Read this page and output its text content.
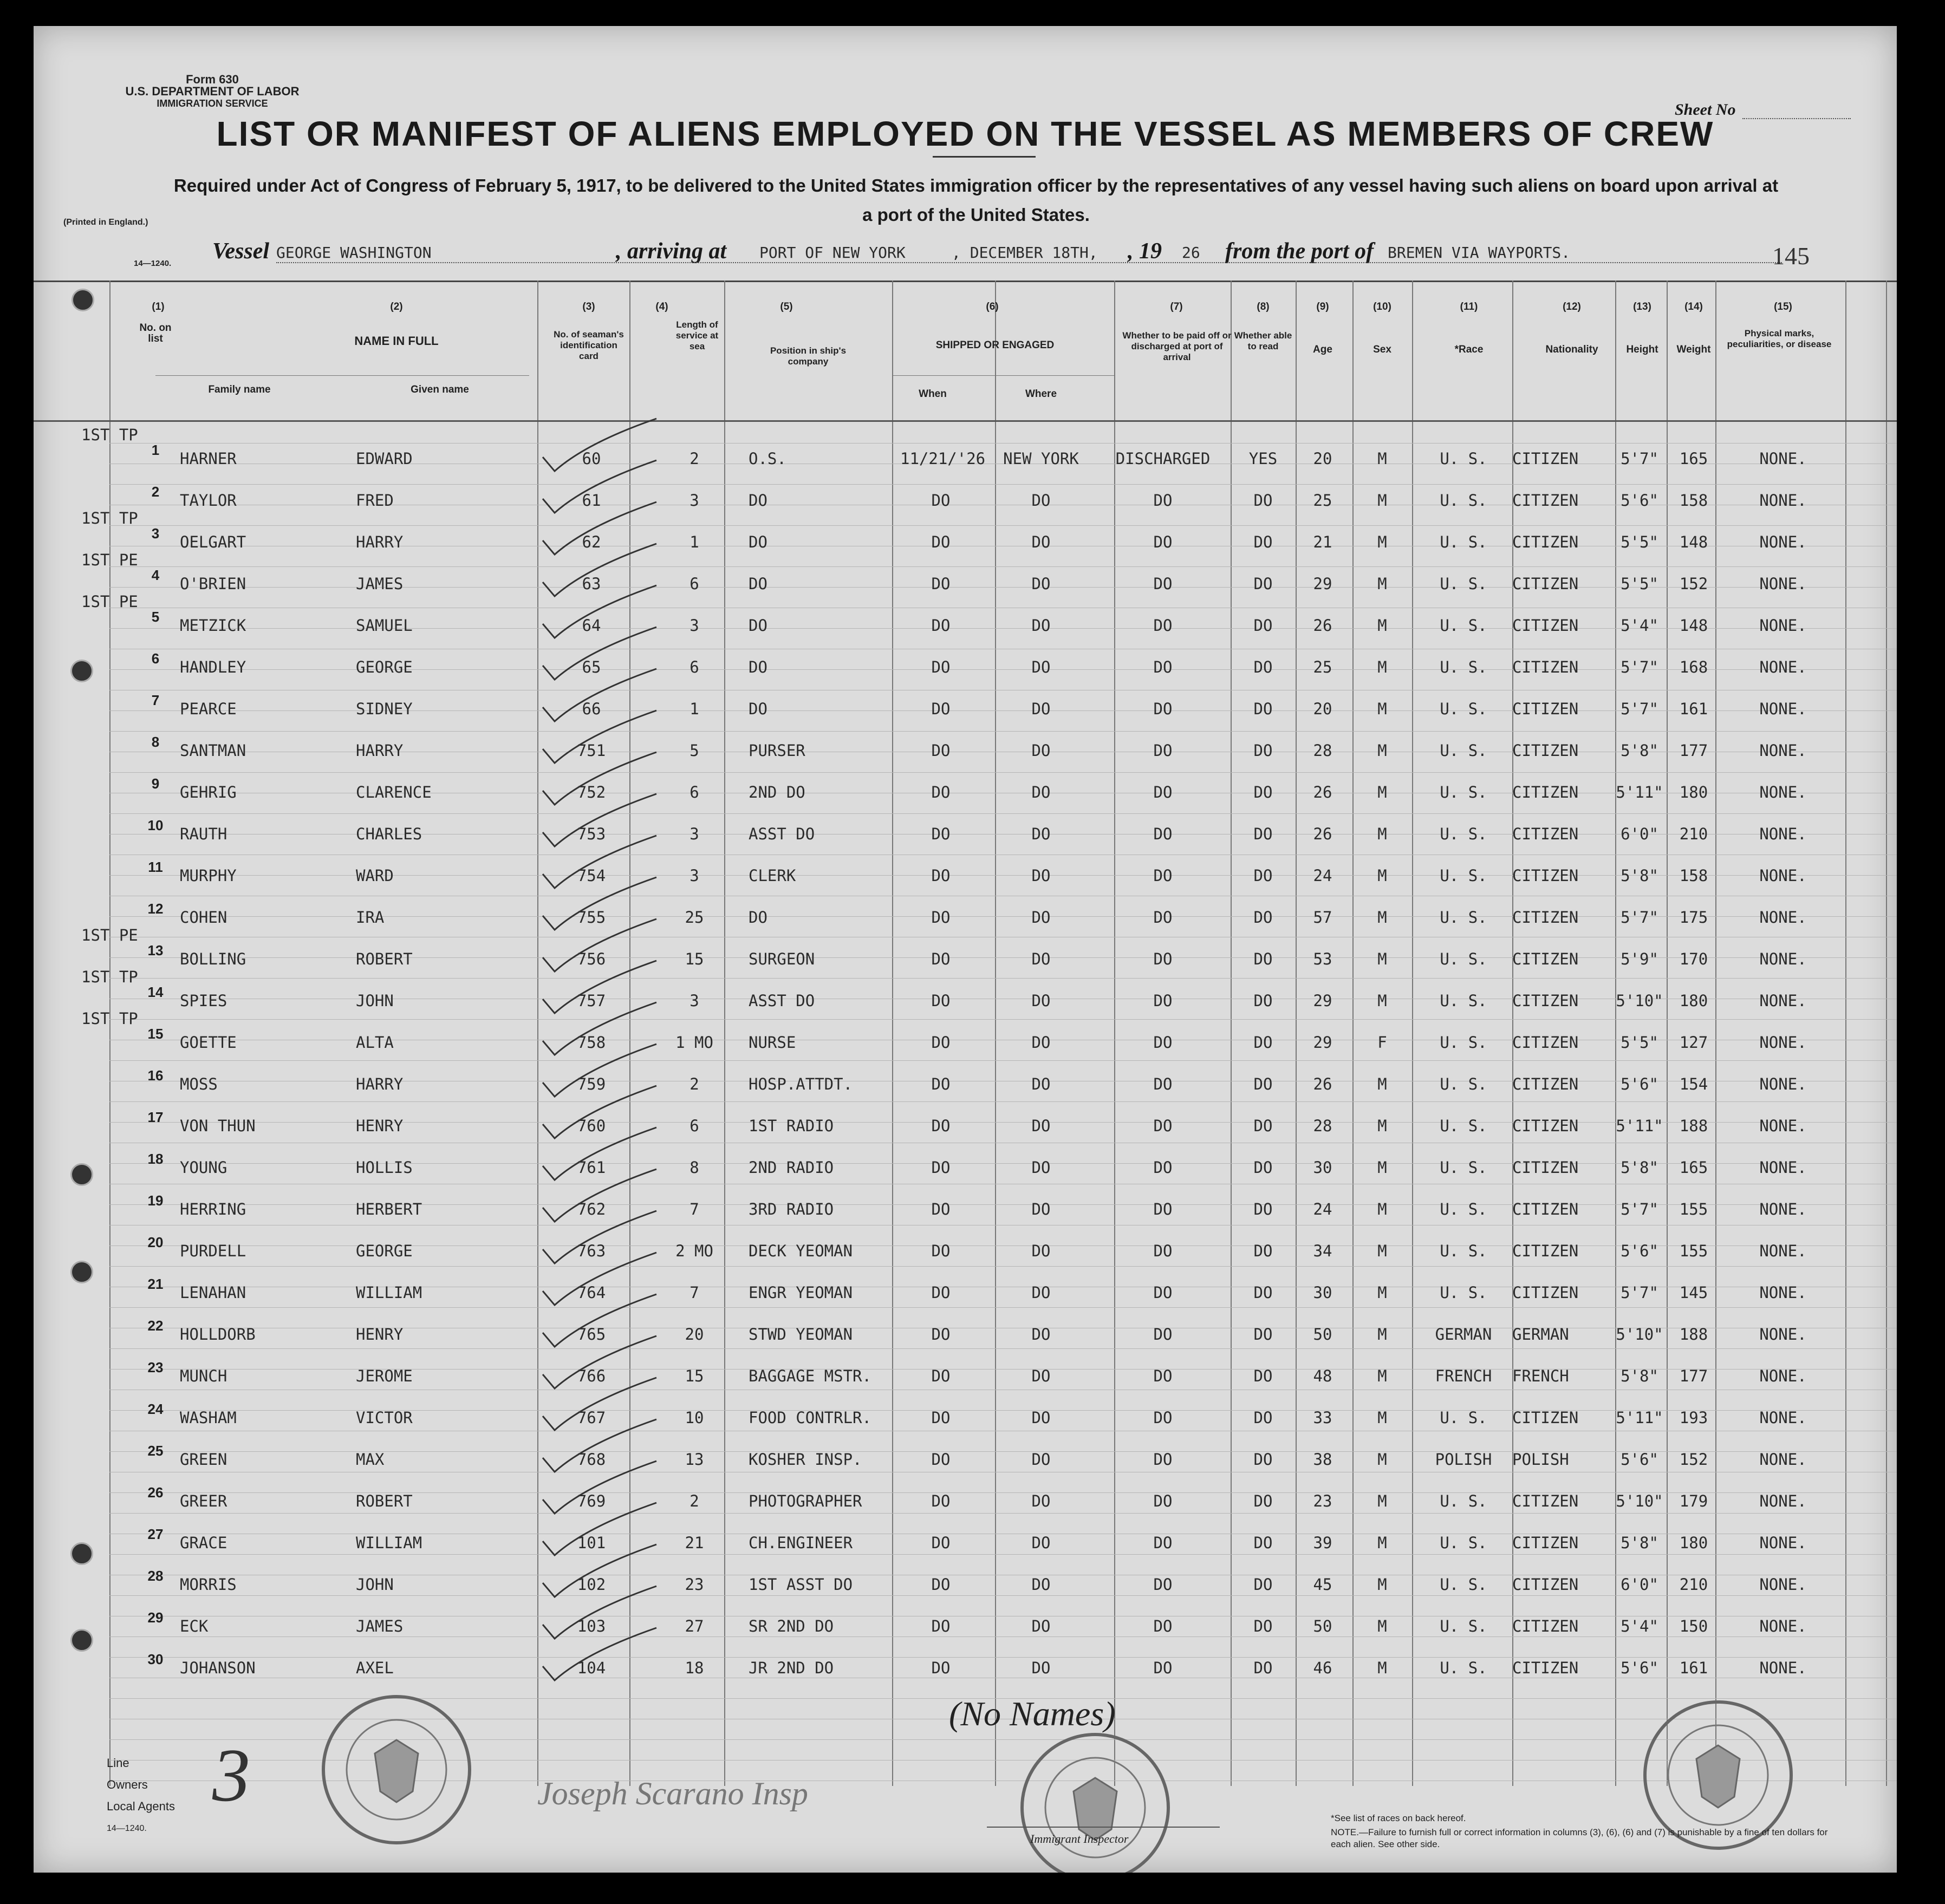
Form 630
U.S. DEPARTMENT OF LABOR
IMMIGRATION SERVICE
(Printed in England.)
14—1240.
Sheet No
LIST OR MANIFEST OF ALIENS EMPLOYED ON THE VESSEL AS MEMBERS OF CREW
Required under Act of Congress of February 5, 1917, to be delivered to the United States immigration officer by the representatives of any vessel having such aliens on board upon arrival at a port of the United States.
Vessel GEORGE WASHINGTON	, arriving at PORT OF NEW YORK	, DECEMBER 18TH, , 19 26 from the port of BREMEN VIA WAYPORTS.	145
(1)
No. on list
(2)
NAME IN FULL
Family name	Given name
(3)
No. of seaman's identification card
(4)
Length of service at sea
(5)
Position in ship's company
(6)
SHIPPED OR ENGAGED
When	Where
(7)
Whether to be paid off or discharged at port of arrival
(8)
Whether able to read
(9)
Age
(10)
Sex
(11)
*Race
(12)
Nationality
(13)
Height
(14)
Weight
(15)
Physical marks, peculiarities, or disease
1	HARNER	EDWARD	60	2	O.S.	11/21/'26	NEW YORK	DISCHARGED	YES	20	M	U. S.	CITIZEN	5'7"	165	NONE.
2	TAYLOR	FRED	61	3	DO	DO	DO	DO	DO	25	M	U. S.	CITIZEN	5'6"	158	NONE.
3	OELGART	HARRY	62	1	DO	DO	DO	DO	DO	21	M	U. S.	CITIZEN	5'5"	148	NONE.
4	O'BRIEN	JAMES	63	6	DO	DO	DO	DO	DO	29	M	U. S.	CITIZEN	5'5"	152	NONE.
5	METZICK	SAMUEL	64	3	DO	DO	DO	DO	DO	26	M	U. S.	CITIZEN	5'4"	148	NONE.
6	HANDLEY	GEORGE	65	6	DO	DO	DO	DO	DO	25	M	U. S.	CITIZEN	5'7"	168	NONE.
7	PEARCE	SIDNEY	66	1	DO	DO	DO	DO	DO	20	M	U. S.	CITIZEN	5'7"	161	NONE.
8	SANTMAN	HARRY	751	5	PURSER	DO	DO	DO	DO	28	M	U. S.	CITIZEN	5'8"	177	NONE.
9	GEHRIG	CLARENCE	752	6	2ND DO	DO	DO	DO	DO	26	M	U. S.	CITIZEN	5'11"	180	NONE.
10	RAUTH	CHARLES	753	3	ASST DO	DO	DO	DO	DO	26	M	U. S.	CITIZEN	6'0"	210	NONE.
11	MURPHY	WARD	754	3	CLERK	DO	DO	DO	DO	24	M	U. S.	CITIZEN	5'8"	158	NONE.
12	COHEN	IRA	755	25	DO	DO	DO	DO	DO	57	M	U. S.	CITIZEN	5'7"	175	NONE.
13	BOLLING	ROBERT	756	15	SURGEON	DO	DO	DO	DO	53	M	U. S.	CITIZEN	5'9"	170	NONE.
14	SPIES	JOHN	757	3	ASST DO	DO	DO	DO	DO	29	M	U. S.	CITIZEN	5'10"	180	NONE.
15	GOETTE	ALTA	758	1 MO	NURSE	DO	DO	DO	DO	29	F	U. S.	CITIZEN	5'5"	127	NONE.
16	MOSS	HARRY	759	2	HOSP.ATTDT.	DO	DO	DO	DO	26	M	U. S.	CITIZEN	5'6"	154	NONE.
17	VON THUN	HENRY	760	6	1ST RADIO	DO	DO	DO	DO	28	M	U. S.	CITIZEN	5'11"	188	NONE.
18	YOUNG	HOLLIS	761	8	2ND RADIO	DO	DO	DO	DO	30	M	U. S.	CITIZEN	5'8"	165	NONE.
19	HERRING	HERBERT	762	7	3RD RADIO	DO	DO	DO	DO	24	M	U. S.	CITIZEN	5'7"	155	NONE.
20	PURDELL	GEORGE	763	2 MO	DECK YEOMAN	DO	DO	DO	DO	34	M	U. S.	CITIZEN	5'6"	155	NONE.
21	LENAHAN	WILLIAM	764	7	ENGR YEOMAN	DO	DO	DO	DO	30	M	U. S.	CITIZEN	5'7"	145	NONE.
22	HOLLDORB	HENRY	765	20	STWD YEOMAN	DO	DO	DO	DO	50	M	GERMAN	GERMAN	5'10"	188	NONE.
23	MUNCH	JEROME	766	15	BAGGAGE MSTR.	DO	DO	DO	DO	48	M	FRENCH	FRENCH	5'8"	177	NONE.
24	WASHAM	VICTOR	767	10	FOOD CONTRLR.	DO	DO	DO	DO	33	M	U. S.	CITIZEN	5'11"	193	NONE.
25	GREEN	MAX	768	13	KOSHER INSP.	DO	DO	DO	DO	38	M	POLISH	POLISH	5'6"	152	NONE.
26	GREER	ROBERT	769	2	PHOTOGRAPHER	DO	DO	DO	DO	23	M	U. S.	CITIZEN	5'10"	179	NONE.
27	GRACE	WILLIAM	101	21	CH.ENGINEER	DO	DO	DO	DO	39	M	U. S.	CITIZEN	5'8"	180	NONE.
28	MORRIS	JOHN	102	23	1ST ASST DO	DO	DO	DO	DO	45	M	U. S.	CITIZEN	6'0"	210	NONE.
29	ECK	JAMES	103	27	SR 2ND DO	DO	DO	DO	DO	50	M	U. S.	CITIZEN	5'4"	150	NONE.
30	JOHANSON	AXEL	104	18	JR 2ND DO	DO	DO	DO	DO	46	M	U. S.	CITIZEN	5'6"	161	NONE.
Line
Owners
Local Agents
14—1240.
3	Joseph Scarano Insp
(No Names)
Immigrant Inspector
*See list of races on back hereof.
NOTE.—Failure to furnish full or correct information in columns (3), (6), (6) and (7) is punishable by a fine of ten dollars for each alien. See other side.
1ST TP
1ST TP
1ST PE
1ST PE
1ST PE
1ST TP
1ST TP
